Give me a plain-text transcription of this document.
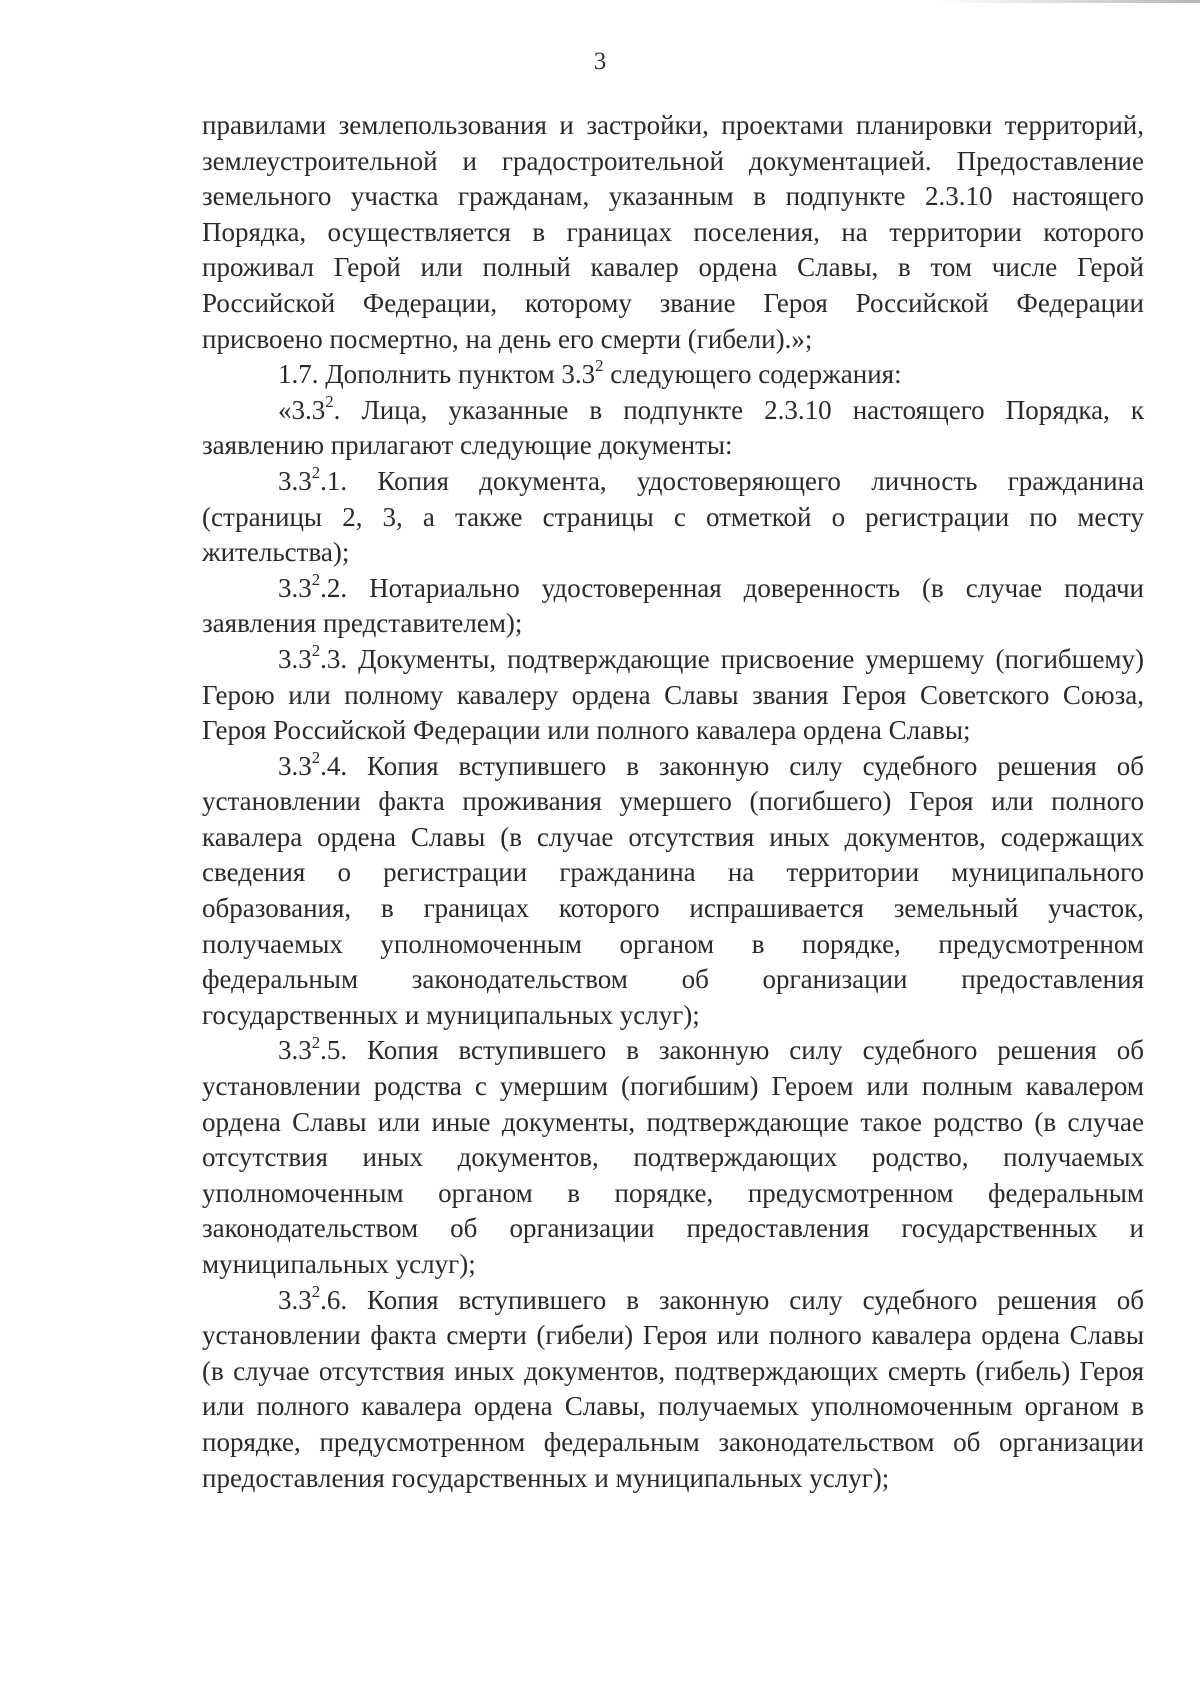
3

правилами землепользования и застройки, проектами планировки территорий, землеустроительной и градостроительной документацией. Предоставление земельного участка гражданам, указанным в подпункте 2.3.10 настоящего Порядка, осуществляется в границах поселения, на территории которого проживал Герой или полный кавалер ордена Славы, в том числе Герой Российской Федерации, которому звание Героя Российской Федерации присвоено посмертно, на день его смерти (гибели).»;

1.7. Дополнить пунктом $3.3^2$ следующего содержания:

«$3.3^2$. Лица, указанные в подпункте 2.3.10 настоящего Порядка, к заявлению прилагают следующие документы:

$3.3^2.1$. Копия документа, удостоверяющего личность гражданина (страницы 2, 3, а также страницы с отметкой о регистрации по месту жительства);

$3.3^2.2$. Нотариально удостоверенная доверенность (в случае подачи заявления представителем);

$3.3^2.3$. Документы, подтверждающие присвоение умершему (погибшему) Герою или полному кавалеру ордена Славы звания Героя Советского Союза, Героя Российской Федерации или полного кавалера ордена Славы;

$3.3^2.4$. Копия вступившего в законную силу судебного решения об установлении факта проживания умершего (погибшего) Героя или полного кавалера ордена Славы (в случае отсутствия иных документов, содержащих сведения о регистрации гражданина на территории муниципального образования, в границах которого испрашивается земельный участок, получаемых уполномоченным органом в порядке, предусмотренном федеральным законодательством об организации предоставления государственных и муниципальных услуг);

$3.3^2.5$. Копия вступившего в законную силу судебного решения об установлении родства с умершим (погибшим) Героем или полным кавалером ордена Славы или иные документы, подтверждающие такое родство (в случае отсутствия иных документов, подтверждающих родство, получаемых уполномоченным органом в порядке, предусмотренном федеральным законодательством об организации предоставления государственных и муниципальных услуг);

$3.3^2.6$. Копия вступившего в законную силу судебного решения об установлении факта смерти (гибели) Героя или полного кавалера ордена Славы (в случае отсутствия иных документов, подтверждающих смерть (гибель) Героя или полного кавалера ордена Славы, получаемых уполномоченным органом в порядке, предусмотренном федеральным законодательством об организации предоставления государственных и муниципальных услуг);
